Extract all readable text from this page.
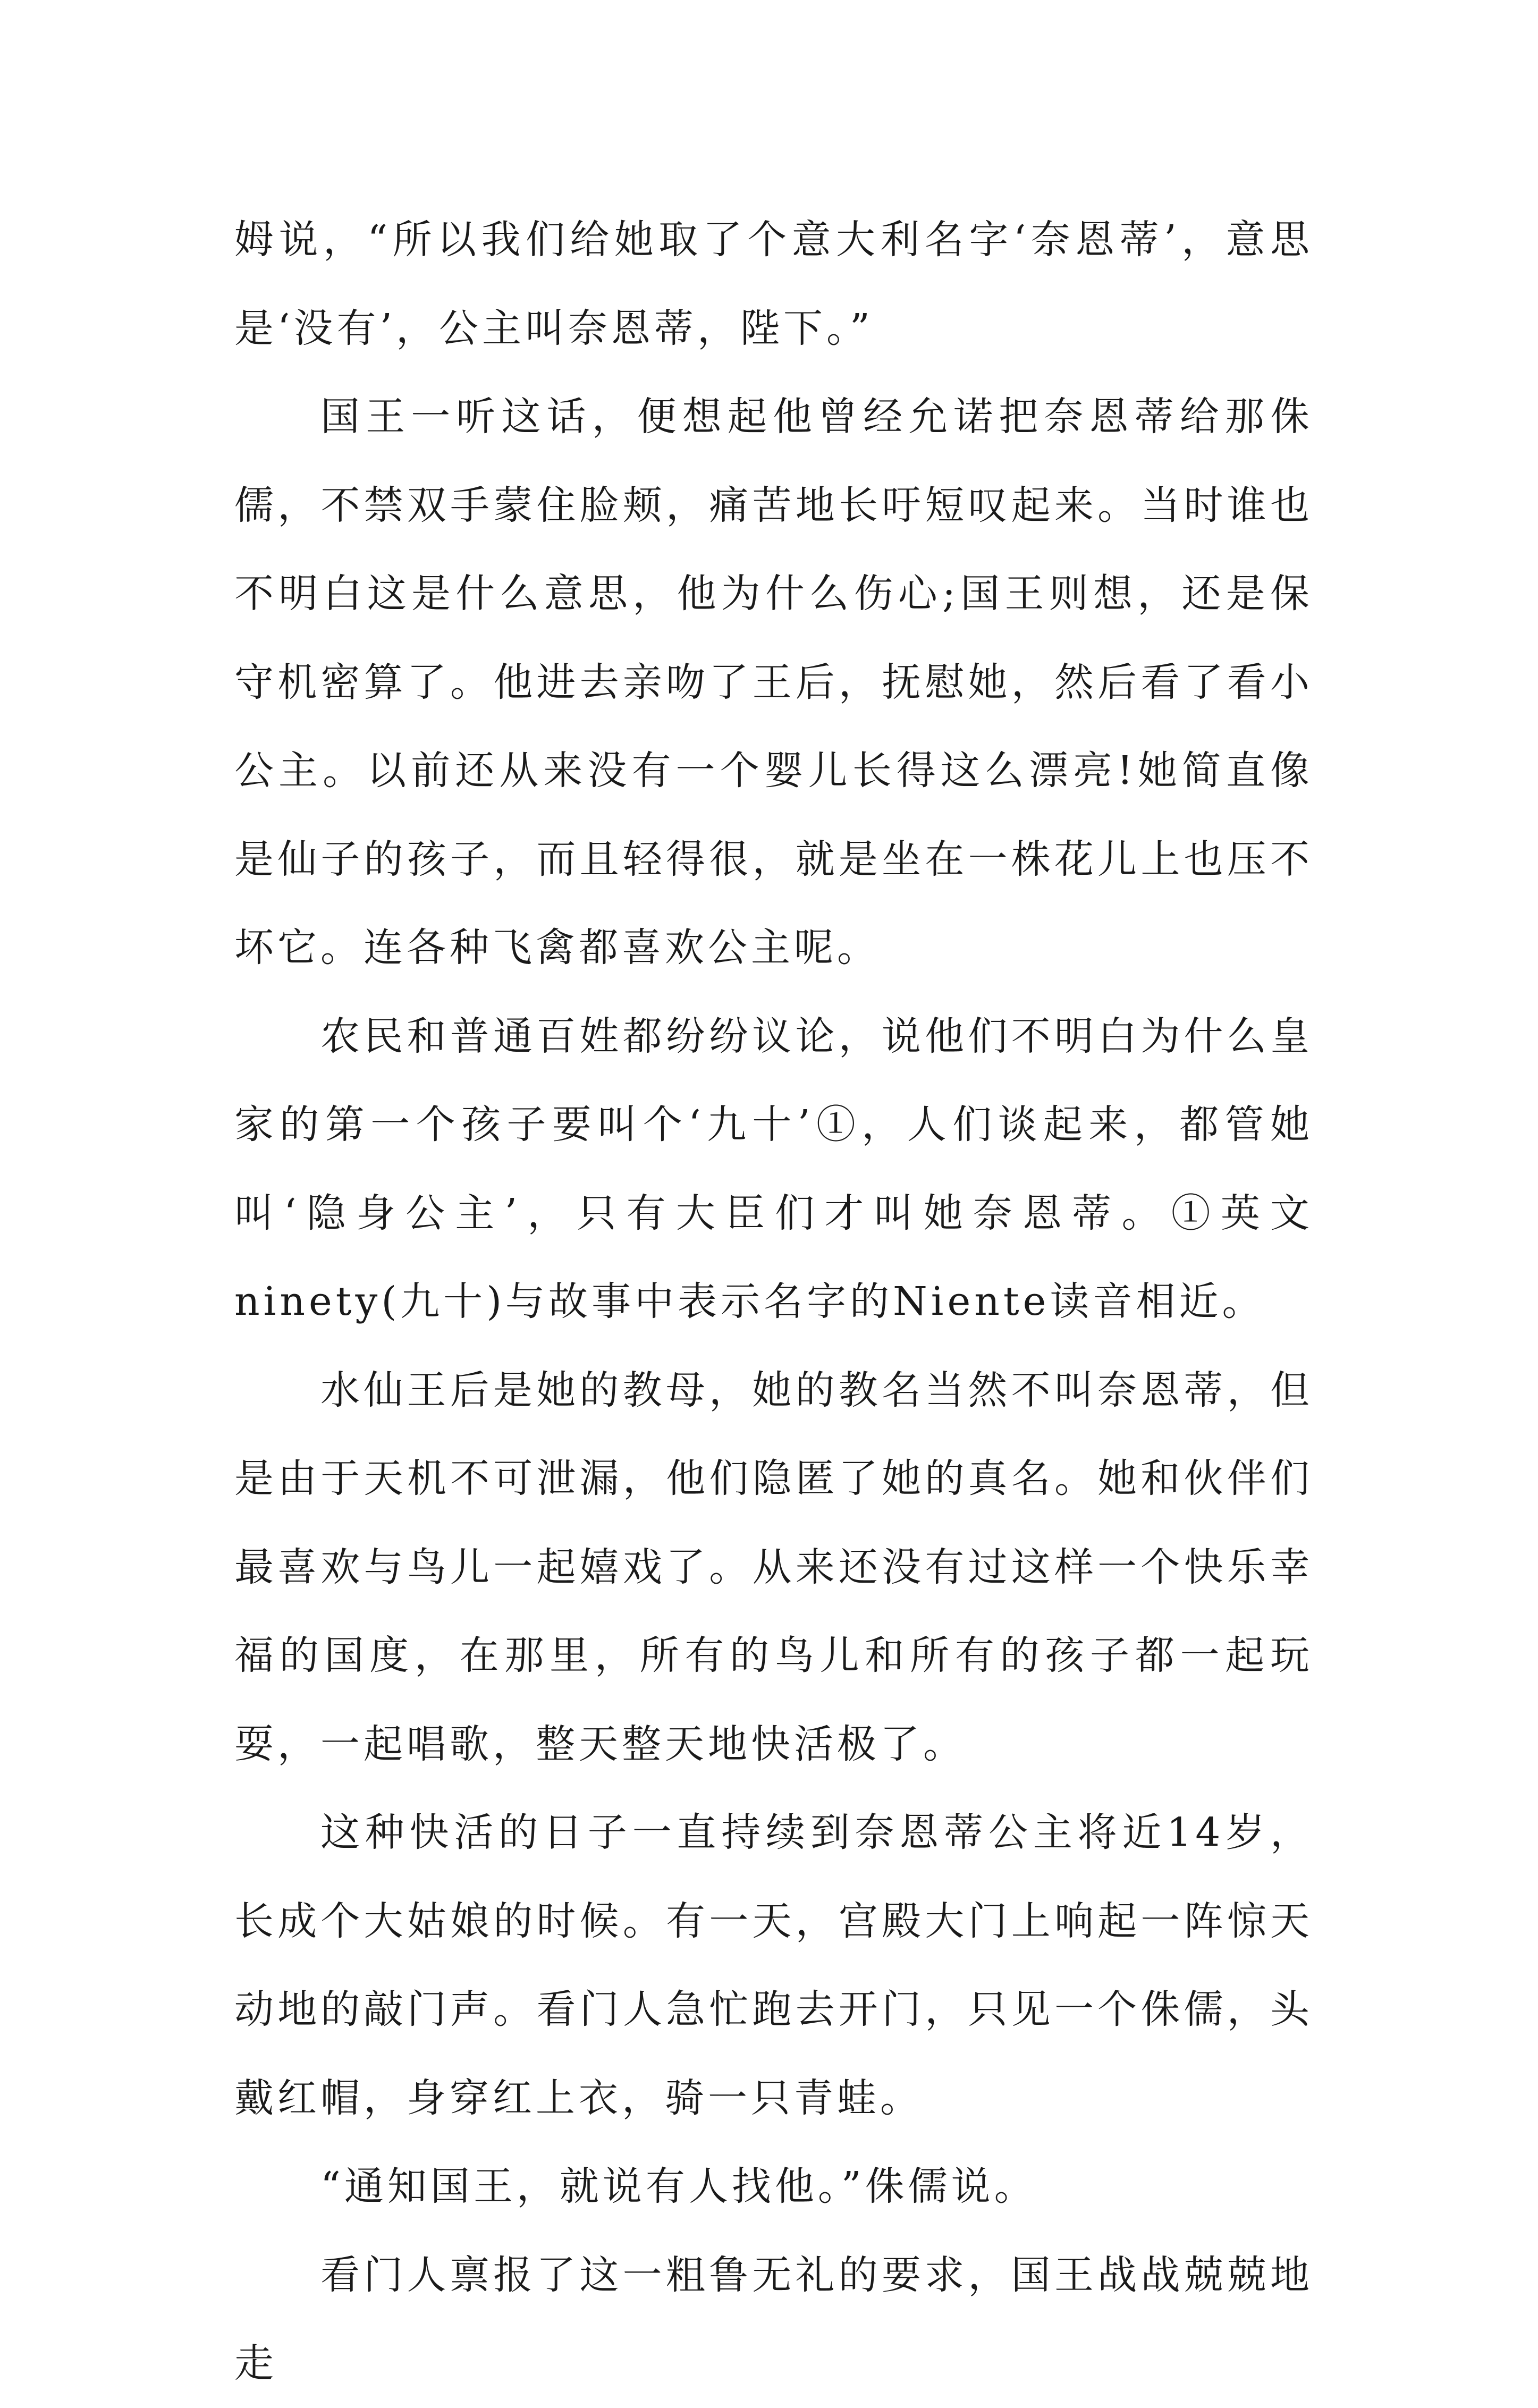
姆说，“所以我们给她取了个意大利名字‘奈恩蒂’，意思是‘没有’，公主叫奈恩蒂，陛下。”

国王一听这话，便想起他曾经允诺把奈恩蒂给那侏儒，不禁双手蒙住脸颊，痛苦地长吁短叹起来。当时谁也不明白这是什么意思，他为什么伤心;国王则想，还是保守机密算了。他进去亲吻了王后，抚慰她，然后看了看小公主。以前还从来没有一个婴儿长得这么漂亮!她简直像是仙子的孩子，而且轻得很，就是坐在一株花儿上也压不坏它。连各种飞禽都喜欢公主呢。

农民和普通百姓都纷纷议论，说他们不明白为什么皇家的第一个孩子要叫个‘九十’①，人们谈起来，都管她叫‘隐身公主’，只有大臣们才叫她奈恩蒂。①英文ninety(九十)与故事中表示名字的Niente读音相近。

水仙王后是她的教母，她的教名当然不叫奈恩蒂，但是由于天机不可泄漏，他们隐匿了她的真名。她和伙伴们最喜欢与鸟儿一起嬉戏了。从来还没有过这样一个快乐幸福的国度，在那里，所有的鸟儿和所有的孩子都一起玩耍，一起唱歌，整天整天地快活极了。

这种快活的日子一直持续到奈恩蒂公主将近14岁，长成个大姑娘的时候。有一天，宫殿大门上响起一阵惊天动地的敲门声。看门人急忙跑去开门，只见一个侏儒，头戴红帽，身穿红上衣，骑一只青蛙。

“通知国王，就说有人找他。”侏儒说。

看门人禀报了这一粗鲁无礼的要求，国王战战兢兢地走
